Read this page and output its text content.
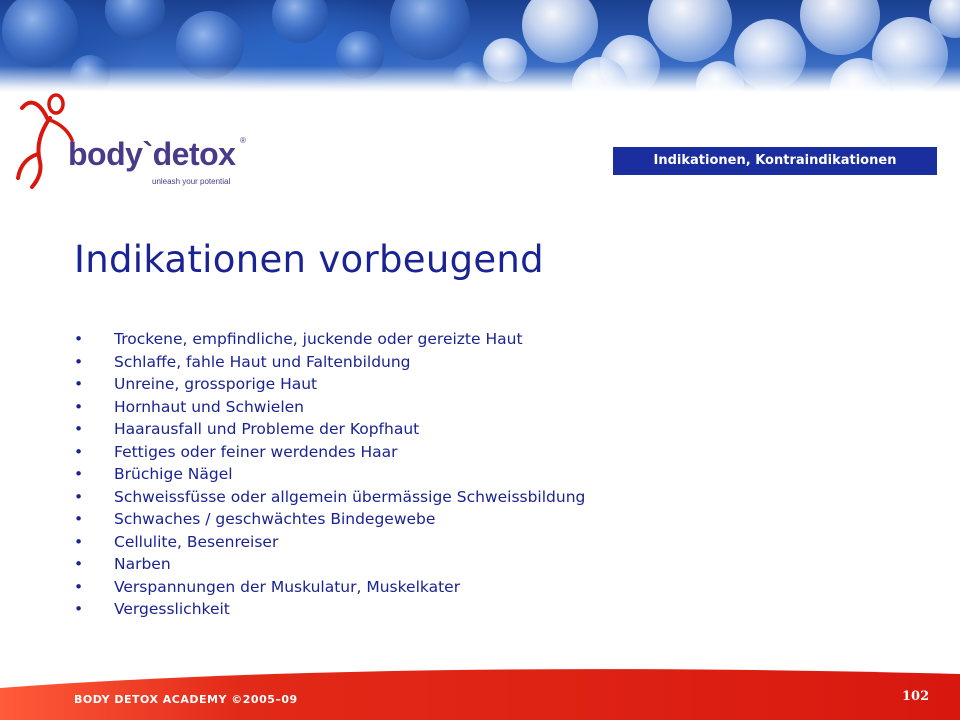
body`detox ®
unleash your potential
Indikationen, Kontraindikationen
Indikationen vorbeugend
• Trockene, empfindliche, juckende oder gereizte Haut
• Schlaffe, fahle Haut und Faltenbildung
• Unreine, grossporige Haut
• Hornhaut und Schwielen
• Haarausfall und Probleme der Kopfhaut
• Fettiges oder feiner werdendes Haar
• Brüchige Nägel
• Schweissfüsse oder allgemein übermässige Schweissbildung
• Schwaches / geschwächtes Bindegewebe
• Cellulite, Besenreiser
• Narben
• Verspannungen der Muskulatur, Muskelkater
• Vergesslichkeit
BODY DETOX ACADEMY ©2005–09	102
